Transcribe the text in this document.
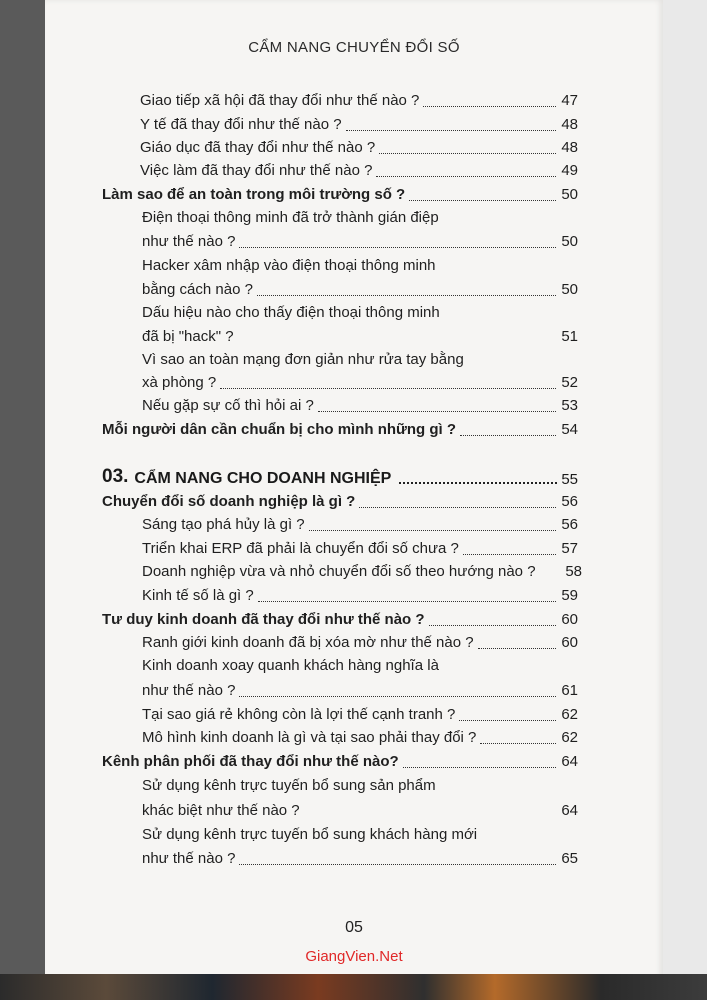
CẨM NANG CHUYỂN ĐỔI SỐ
Giao tiếp xã hội đã thay đổi như thế nào ?	47
Y tế đã thay đổi như thế nào ?	48
Giáo dục đã thay đổi như thế nào ?	48
Việc làm đã thay đổi như thế nào ?	49
Làm sao để an toàn trong môi trường số ?	50
Điện thoại thông minh đã trở thành gián điệp
như thế nào ?	50
Hacker xâm nhập vào điện thoại thông minh
bằng cách nào ?	50
Dấu hiệu nào cho thấy điện thoại thông minh
đã bị "hack" ?	51
Vì sao an toàn mạng đơn giản như rửa tay bằng
xà phòng ?	52
Nếu gặp sự cố thì hỏi ai ?	53
Mỗi người dân cần chuẩn bị cho mình những gì ?	54
03. CẨM NANG CHO DOANH NGHIỆP	55
Chuyển đổi số doanh nghiệp là gì ?	56
Sáng tạo phá hủy là gì ?	56
Triển khai ERP đã phải là chuyển đổi số chưa ?	57
Doanh nghiệp vừa và nhỏ chuyển đổi số theo hướng nào ? 58
Kinh tế số là gì ?	59
Tư duy kinh doanh đã thay đổi như thế nào ?	60
Ranh giới kinh doanh đã bị xóa mờ như thế nào ?	60
Kinh doanh xoay quanh khách hàng nghĩa là
như thế nào ?	61
Tại sao giá rẻ không còn là lợi thế cạnh tranh ?	62
Mô hình kinh doanh là gì và tại sao phải thay đổi ?	62
Kênh phân phối đã thay đổi như thế nào?	64
Sử dụng kênh trực tuyến bổ sung sản phẩm
khác biệt như thế nào ?	64
Sử dụng kênh trực tuyến bổ sung khách hàng mới
như thế nào ?	65
05
GiangVien.Net
